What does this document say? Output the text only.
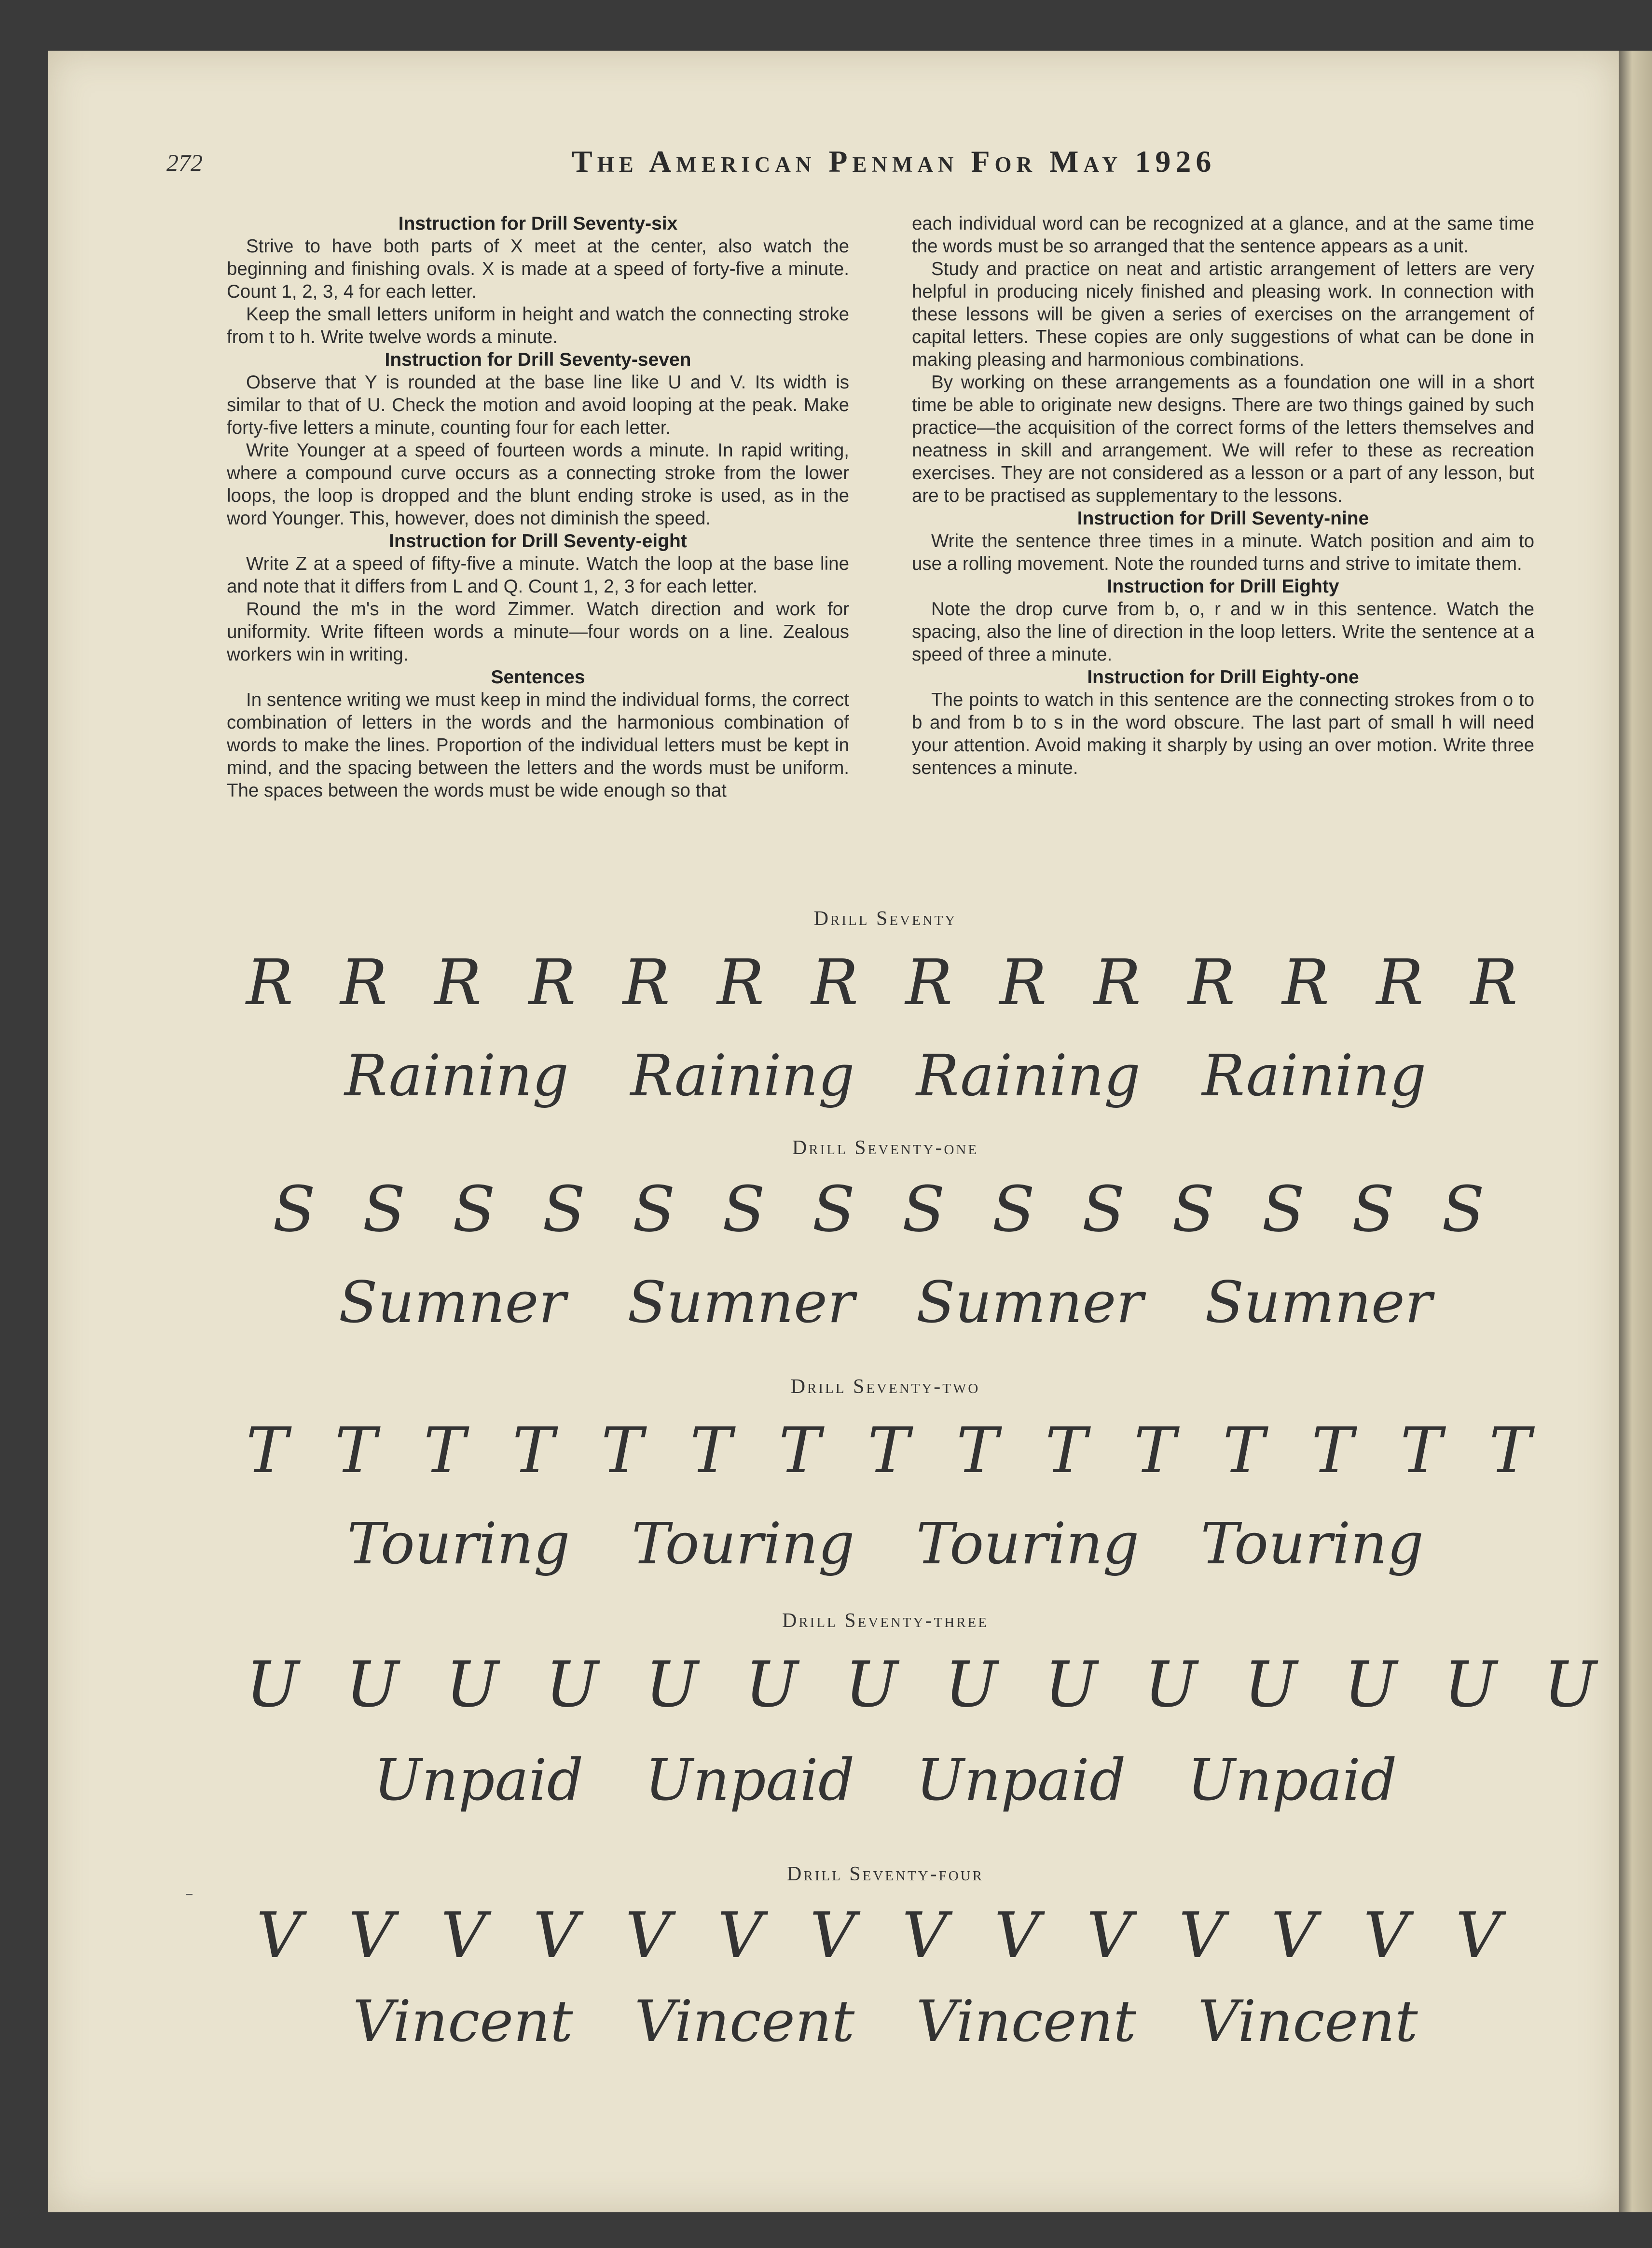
272	The American Penman For May 1926
Instruction for Drill Seventy-six

Strive to have both parts of X meet at the center, also watch the beginning and finishing ovals. X is made at a speed of forty-five a minute. Count 1, 2, 3, 4 for each letter.

Keep the small letters uniform in height and watch the connecting stroke from t to h. Write twelve words a minute.

Instruction for Drill Seventy-seven

Observe that Y is rounded at the base line like U and V. Its width is similar to that of U. Check the motion and avoid looping at the peak. Make forty-five letters a minute, counting four for each letter.

Write Younger at a speed of fourteen words a minute. In rapid writing, where a compound curve occurs as a connecting stroke from the lower loops, the loop is dropped and the blunt ending stroke is used, as in the word Younger. This, however, does not diminish the speed.

Instruction for Drill Seventy-eight

Write Z at a speed of fifty-five a minute. Watch the loop at the base line and note that it differs from L and Q. Count 1, 2, 3 for each letter.

Round the m's in the word Zimmer. Watch direction and work for uniformity. Write fifteen words a minute—four words on a line. Zealous workers win in writing.

Sentences

In sentence writing we must keep in mind the individual forms, the correct combination of letters in the words and the harmonious combination of words to make the lines. Proportion of the individual letters must be kept in mind, and the spacing between the letters and the words must be uniform. The spaces between the words must be wide enough so that

each individual word can be recognized at a glance, and at the same time the words must be so arranged that the sentence appears as a unit.

Study and practice on neat and artistic arrangement of letters are very helpful in producing nicely finished and pleasing work. In connection with these lessons will be given a series of exercises on the arrangement of capital letters. These copies are only suggestions of what can be done in making pleasing and harmonious combinations.

By working on these arrangements as a foundation one will in a short time be able to originate new designs. There are two things gained by such practice—the acquisition of the correct forms of the letters themselves and neatness in skill and arrangement. We will refer to these as recreation exercises. They are not considered as a lesson or a part of any lesson, but are to be practised as supplementary to the lessons.

Instruction for Drill Seventy-nine

Write the sentence three times in a minute. Watch position and aim to use a rolling movement. Note the rounded turns and strive to imitate them.

Instruction for Drill Eighty

Note the drop curve from b, o, r and w in this sentence. Watch the spacing, also the line of direction in the loop letters. Write the sentence at a speed of three a minute.

Instruction for Drill Eighty-one

The points to watch in this sentence are the connecting strokes from o to b and from b to s in the word obscure. The last part of small h will need your attention. Avoid making it sharply by using an over motion. Write three sentences a minute.

Drill Seventy
R R R R R R R R R R R R R R
Raining Raining Raining Raining
Drill Seventy-one
S S S S S S S S S S S S S S
Sumner Sumner Sumner Sumner
Drill Seventy-two
T T T T T T T T T T T T T T T
Touring Touring Touring Touring
Drill Seventy-three
U U U U U U U U U U U U U U
Unpaid Unpaid Unpaid Unpaid
Drill Seventy-four
V V V V V V V V V V V V V V
Vincent Vincent Vincent Vincent
